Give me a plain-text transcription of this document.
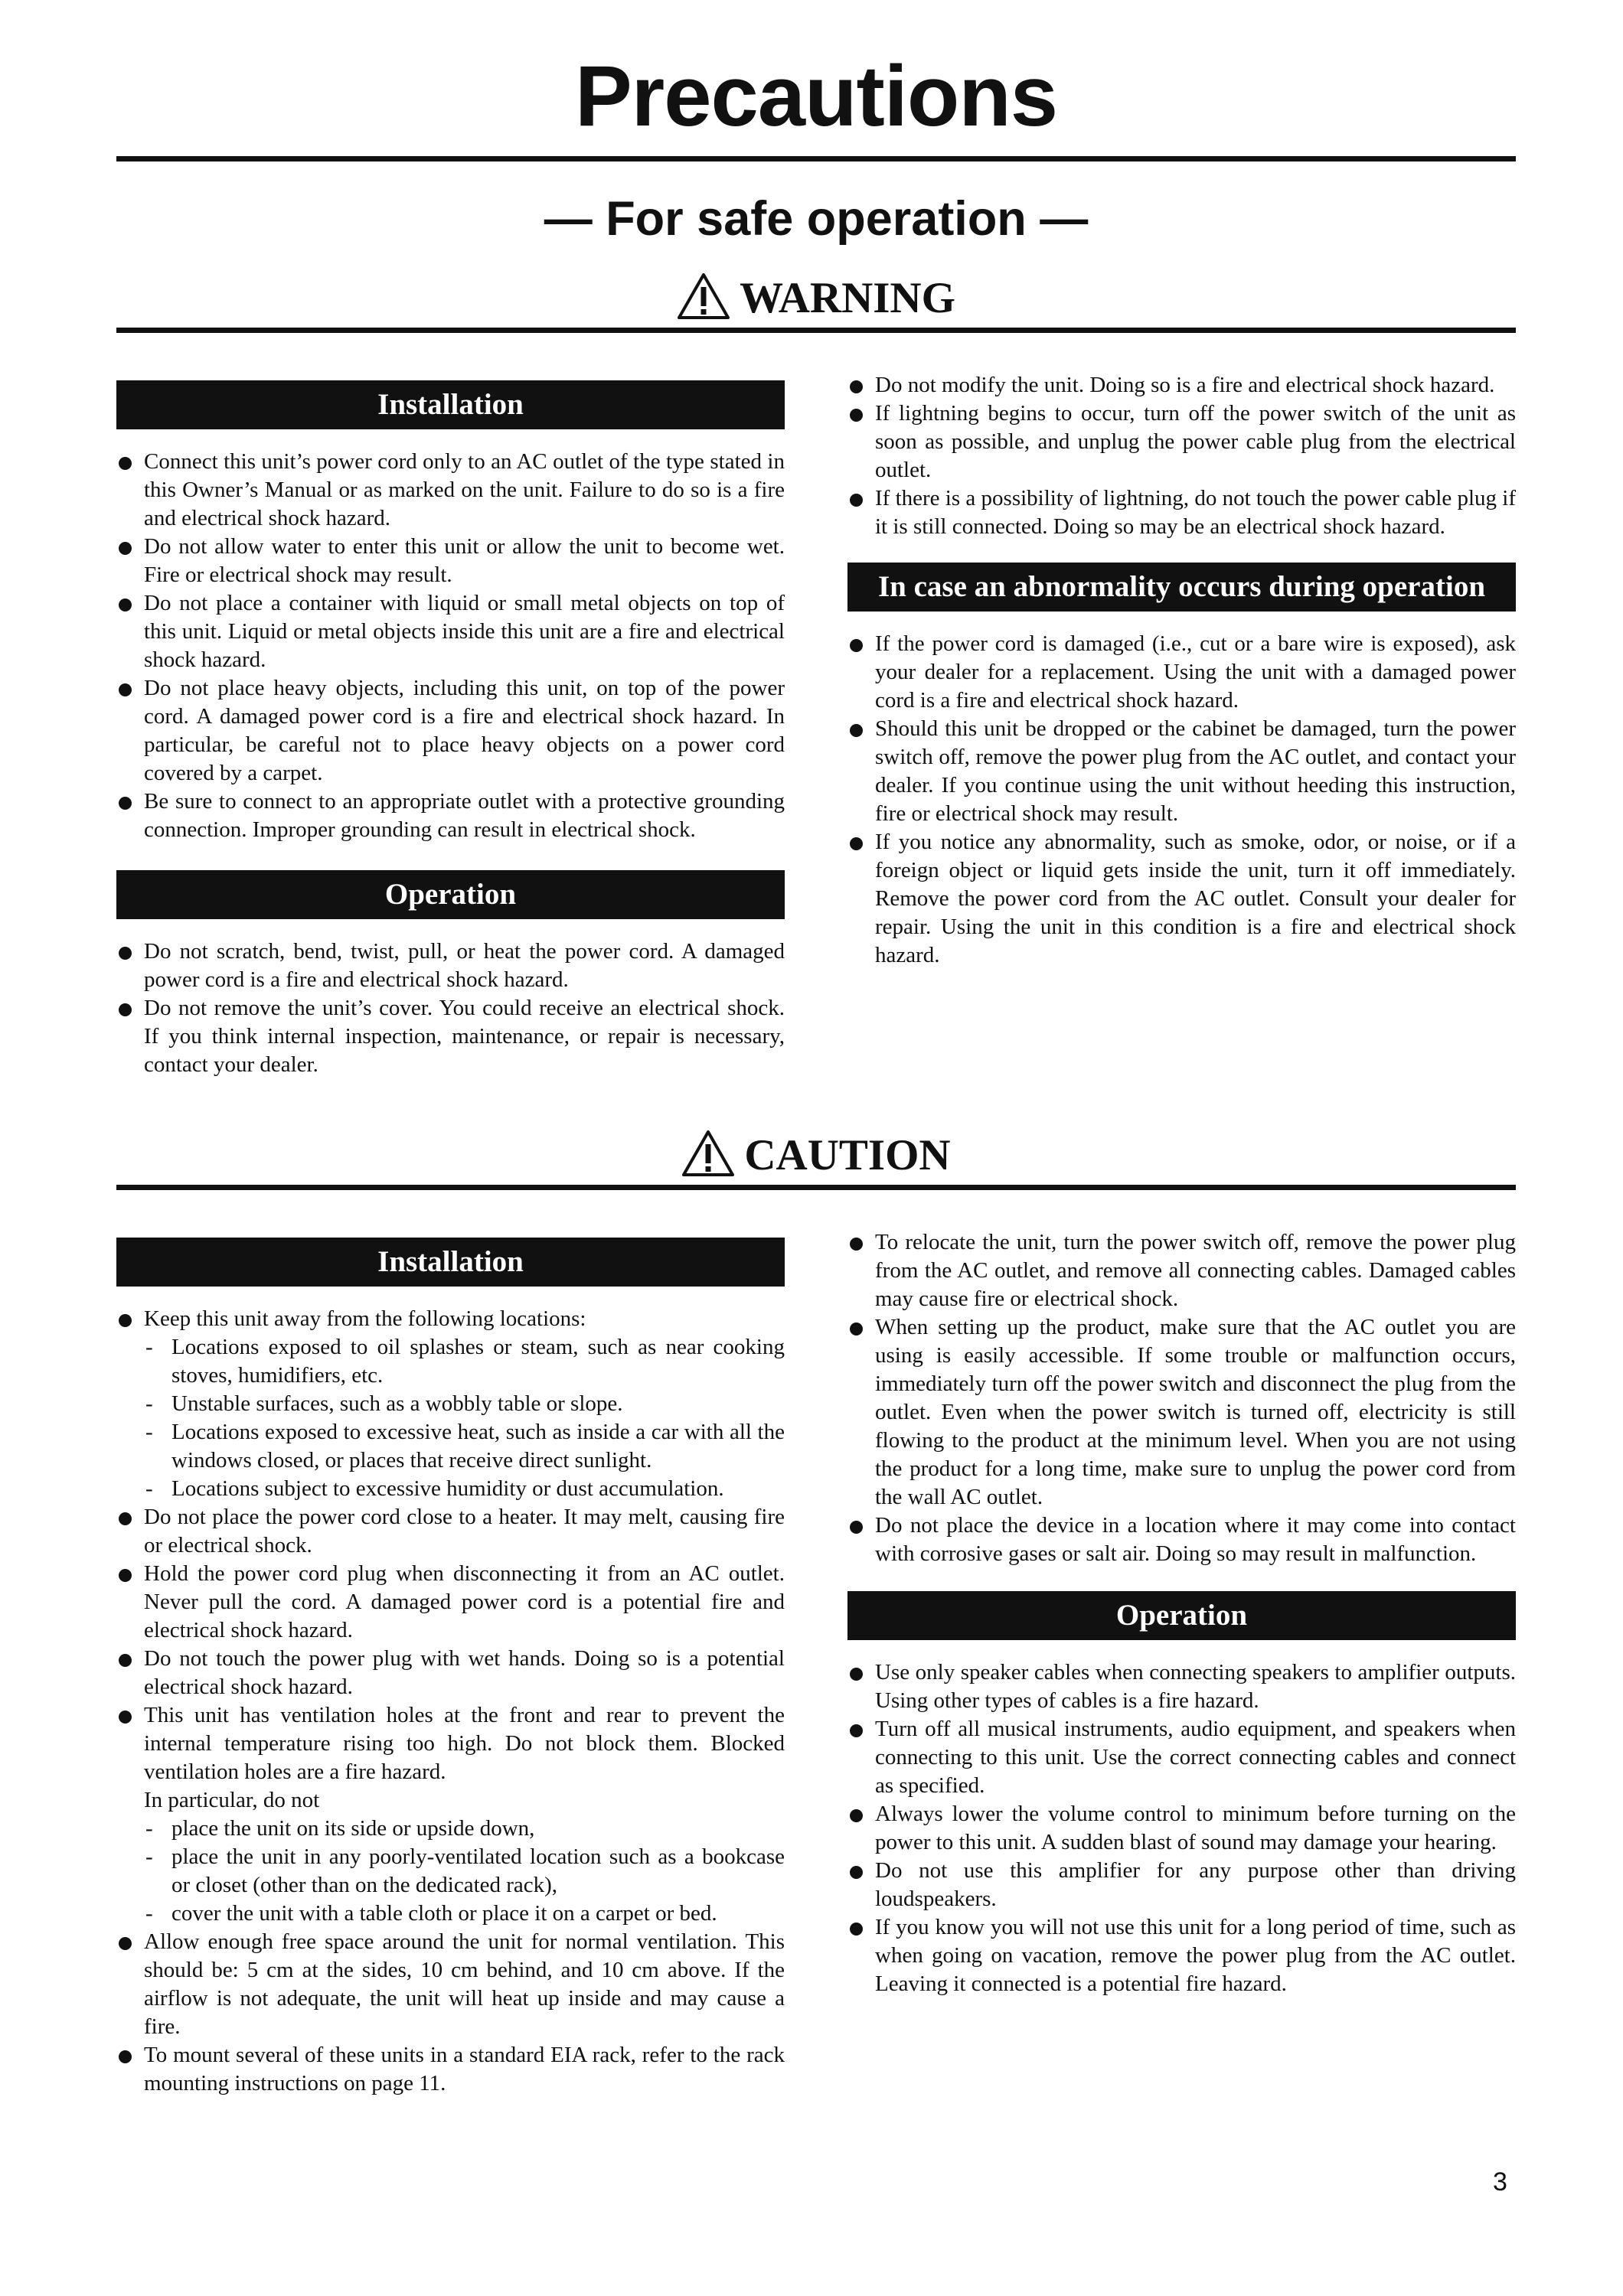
Precautions
— For safe operation —
WARNING
Installation
Connect this unit’s power cord only to an AC outlet of the type stated in this Owner’s Manual or as marked on the unit. Failure to do so is a fire and electrical shock hazard.
Do not allow water to enter this unit or allow the unit to become wet. Fire or electrical shock may result.
Do not place a container with liquid or small metal objects on top of this unit. Liquid or metal objects inside this unit are a fire and electrical shock hazard.
Do not place heavy objects, including this unit, on top of the power cord. A damaged power cord is a fire and electrical shock hazard. In particular, be careful not to place heavy objects on a power cord covered by a carpet.
Be sure to connect to an appropriate outlet with a protective grounding connection. Improper grounding can result in electrical shock.
Operation
Do not scratch, bend, twist, pull, or heat the power cord. A damaged power cord is a fire and electrical shock hazard.
Do not remove the unit’s cover. You could receive an electrical shock. If you think internal inspection, maintenance, or repair is necessary, contact your dealer.
Do not modify the unit. Doing so is a fire and electrical shock hazard.
If lightning begins to occur, turn off the power switch of the unit as soon as possible, and unplug the power cable plug from the electrical outlet.
If there is a possibility of lightning, do not touch the power cable plug if it is still connected. Doing so may be an electrical shock hazard.
In case an abnormality occurs during operation
If the power cord is damaged (i.e., cut or a bare wire is exposed), ask your dealer for a replacement. Using the unit with a damaged power cord is a fire and electrical shock hazard.
Should this unit be dropped or the cabinet be damaged, turn the power switch off, remove the power plug from the AC outlet, and contact your dealer. If you continue using the unit without heeding this instruction, fire or electrical shock may result.
If you notice any abnormality, such as smoke, odor, or noise, or if a foreign object or liquid gets inside the unit, turn it off immediately. Remove the power cord from the AC outlet. Consult your dealer for repair. Using the unit in this condition is a fire and electrical shock hazard.
CAUTION
Installation
Keep this unit away from the following locations:
- Locations exposed to oil splashes or steam, such as near cooking stoves, humidifiers, etc.
- Unstable surfaces, such as a wobbly table or slope.
- Locations exposed to excessive heat, such as inside a car with all the windows closed, or places that receive direct sunlight.
- Locations subject to excessive humidity or dust accumulation.
Do not place the power cord close to a heater. It may melt, causing fire or electrical shock.
Hold the power cord plug when disconnecting it from an AC outlet. Never pull the cord. A damaged power cord is a potential fire and electrical shock hazard.
Do not touch the power plug with wet hands. Doing so is a potential electrical shock hazard.
This unit has ventilation holes at the front and rear to prevent the internal temperature rising too high. Do not block them. Blocked ventilation holes are a fire hazard.
In particular, do not
- place the unit on its side or upside down,
- place the unit in any poorly-ventilated location such as a bookcase or closet (other than on the dedicated rack),
- cover the unit with a table cloth or place it on a carpet or bed.
Allow enough free space around the unit for normal ventilation. This should be: 5 cm at the sides, 10 cm behind, and 10 cm above. If the airflow is not adequate, the unit will heat up inside and may cause a fire.
To mount several of these units in a standard EIA rack, refer to the rack mounting instructions on page 11.
To relocate the unit, turn the power switch off, remove the power plug from the AC outlet, and remove all connecting cables. Damaged cables may cause fire or electrical shock.
When setting up the product, make sure that the AC outlet you are using is easily accessible. If some trouble or malfunction occurs, immediately turn off the power switch and disconnect the plug from the outlet. Even when the power switch is turned off, electricity is still flowing to the product at the minimum level. When you are not using the product for a long time, make sure to unplug the power cord from the wall AC outlet.
Do not place the device in a location where it may come into contact with corrosive gases or salt air. Doing so may result in malfunction.
Operation
Use only speaker cables when connecting speakers to amplifier outputs. Using other types of cables is a fire hazard.
Turn off all musical instruments, audio equipment, and speakers when connecting to this unit. Use the correct connecting cables and connect as specified.
Always lower the volume control to minimum before turning on the power to this unit. A sudden blast of sound may damage your hearing.
Do not use this amplifier for any purpose other than driving loudspeakers.
If you know you will not use this unit for a long period of time, such as when going on vacation, remove the power plug from the AC outlet. Leaving it connected is a potential fire hazard.
3
